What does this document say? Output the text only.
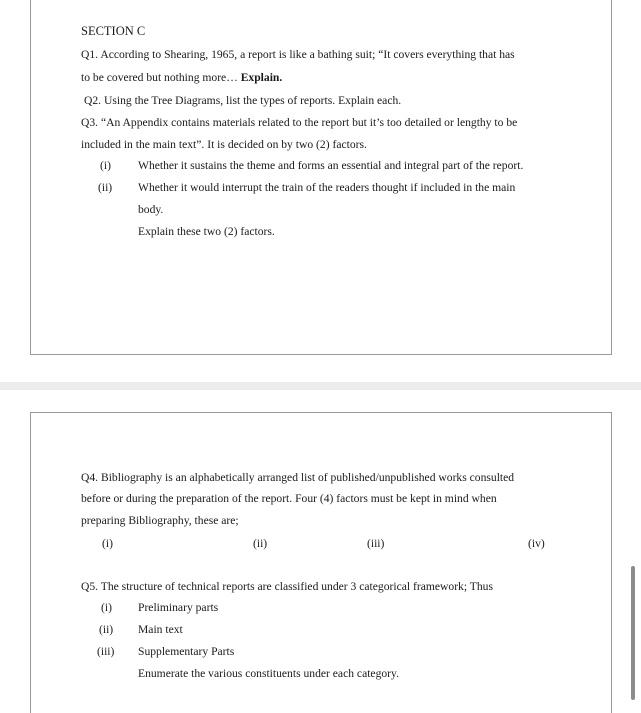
SECTION C
Q1. According to Shearing, 1965, a report is like a bathing suit; “It covers everything that has
to be covered but nothing more… Explain.
Q2. Using the Tree Diagrams, list the types of reports. Explain each.
Q3. “An Appendix contains materials related to the report but it’s too detailed or lengthy to be
included in the main text”. It is decided on by two (2) factors.
(i) Whether it sustains the theme and forms an essential and integral part of the report.
(ii) Whether it would interrupt the train of the readers thought if included in the main
body.
Explain these two (2) factors.
Q4. Bibliography is an alphabetically arranged list of published/unpublished works consulted
before or during the preparation of the report. Four (4) factors must be kept in mind when
preparing Bibliography, these are;
(i)	(ii)	(iii)	(iv)
Q5. The structure of technical reports are classified under 3 categorical framework; Thus
(i) Preliminary parts
(ii) Main text
(iii) Supplementary Parts
Enumerate the various constituents under each category.
